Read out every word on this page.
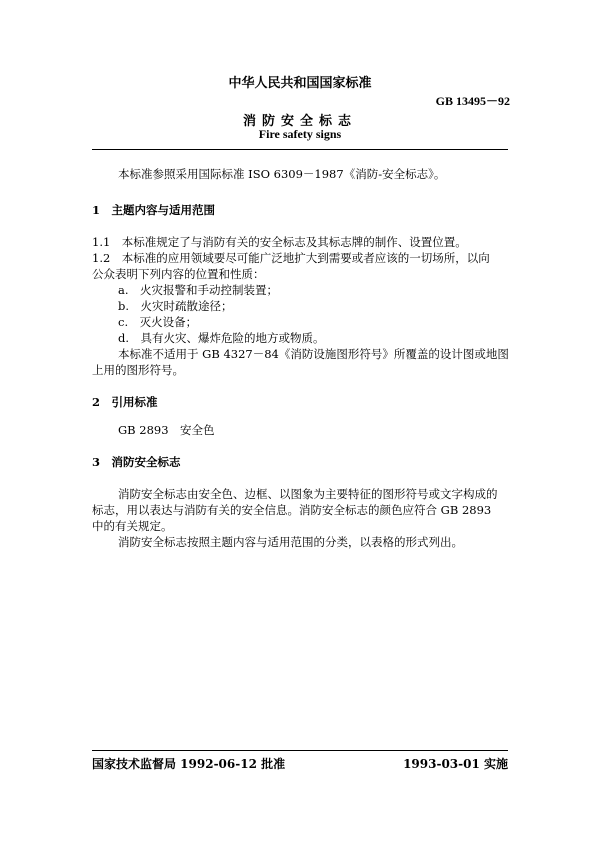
中华人民共和国国家标准
GB 13495－92
消防安全标志
Fire safety signs
本标准参照采用国际标准 ISO 6309－1987《消防-安全标志》。
1　主题内容与适用范围
1.1　本标准规定了与消防有关的安全标志及其标志牌的制作、设置位置。
1.2　本标准的应用领域要尽可能广泛地扩大到需要或者应该的一切场所，以向
公众表明下列内容的位置和性质：
a.　火灾报警和手动控制装置；
b.　火灾时疏散途径；
c.　灭火设备；
d.　具有火灾、爆炸危险的地方或物质。
本标准不适用于 GB 4327－84《消防设施图形符号》所覆盖的设计图或地图
上用的图形符号。
2　引用标准
GB 2893　安全色
3　消防安全标志
消防安全标志由安全色、边框、以图象为主要特征的图形符号或文字构成的
标志，用以表达与消防有关的安全信息。消防安全标志的颜色应符合 GB 2893
中的有关规定。
消防安全标志按照主题内容与适用范围的分类，以表格的形式列出。
国家技术监督局 1992-06-12 批准	1993-03-01 实施
